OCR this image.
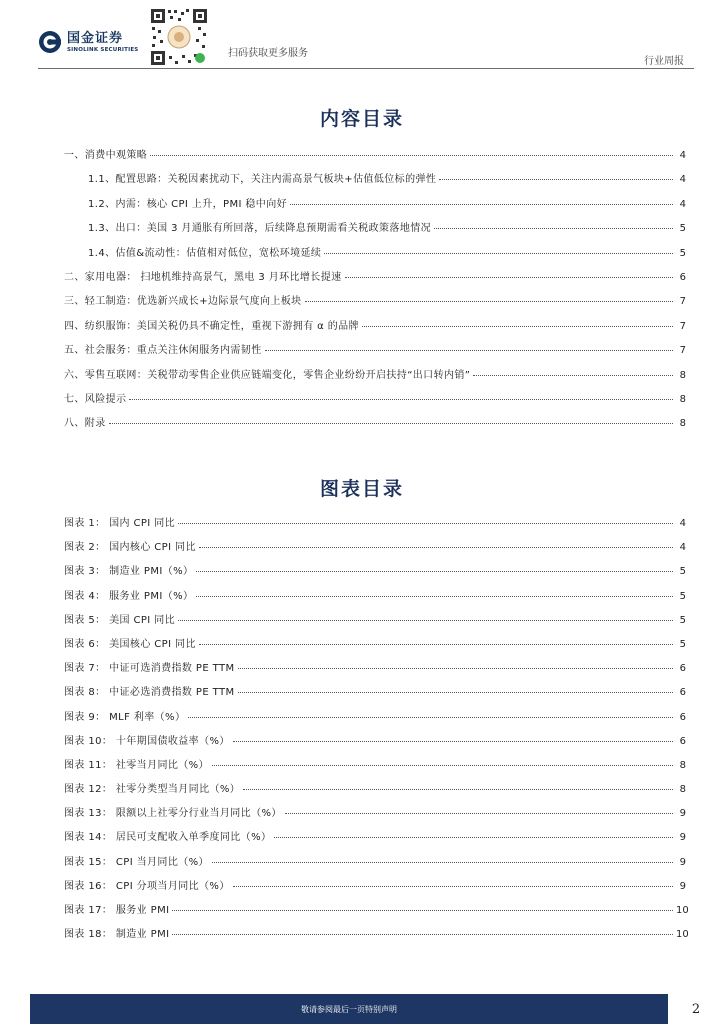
国金证券
SINOLINK SECURITIES	扫码获取更多服务
行业周报
内容目录
一、消费中观策略	4
1.1、配置思路：关税因素扰动下，关注内需高景气板块+估值低位标的弹性	4
1.2、内需：核心 CPI 上升，PMI 稳中向好	4
1.3、出口：美国 3 月通胀有所回落，后续降息预期需看关税政策落地情况	5
1.4、估值&流动性：估值相对低位，宽松环境延续	5
二、家用电器： 扫地机维持高景气，黑电 3 月环比增长提速	6
三、轻工制造：优选新兴成长+边际景气度向上板块	7
四、纺织服饰：美国关税仍具不确定性，重视下游拥有 α 的品牌	7
五、社会服务：重点关注休闲服务内需韧性	7
六、零售互联网：关税带动零售企业供应链端变化，零售企业纷纷开启扶持“出口转内销”	8
七、风险提示	8
八、附录	8
图表目录
图表 1： 国内 CPI 同比	4
图表 2： 国内核心 CPI 同比	4
图表 3： 制造业 PMI（%）	5
图表 4： 服务业 PMI（%）	5
图表 5： 美国 CPI 同比	5
图表 6： 美国核心 CPI 同比	5
图表 7： 中证可选消费指数 PE TTM	6
图表 8： 中证必选消费指数 PE TTM	6
图表 9： MLF 利率（%）	6
图表 10： 十年期国债收益率（%）	6
图表 11： 社零当月同比（%）	8
图表 12： 社零分类型当月同比（%）	8
图表 13： 限额以上社零分行业当月同比（%）	9
图表 14： 居民可支配收入单季度同比（%）	9
图表 15： CPI 当月同比（%）	9
图表 16： CPI 分项当月同比（%）	9
图表 17： 服务业 PMI	10
图表 18： 制造业 PMI	10
敬请参阅最后一页特别声明	2
